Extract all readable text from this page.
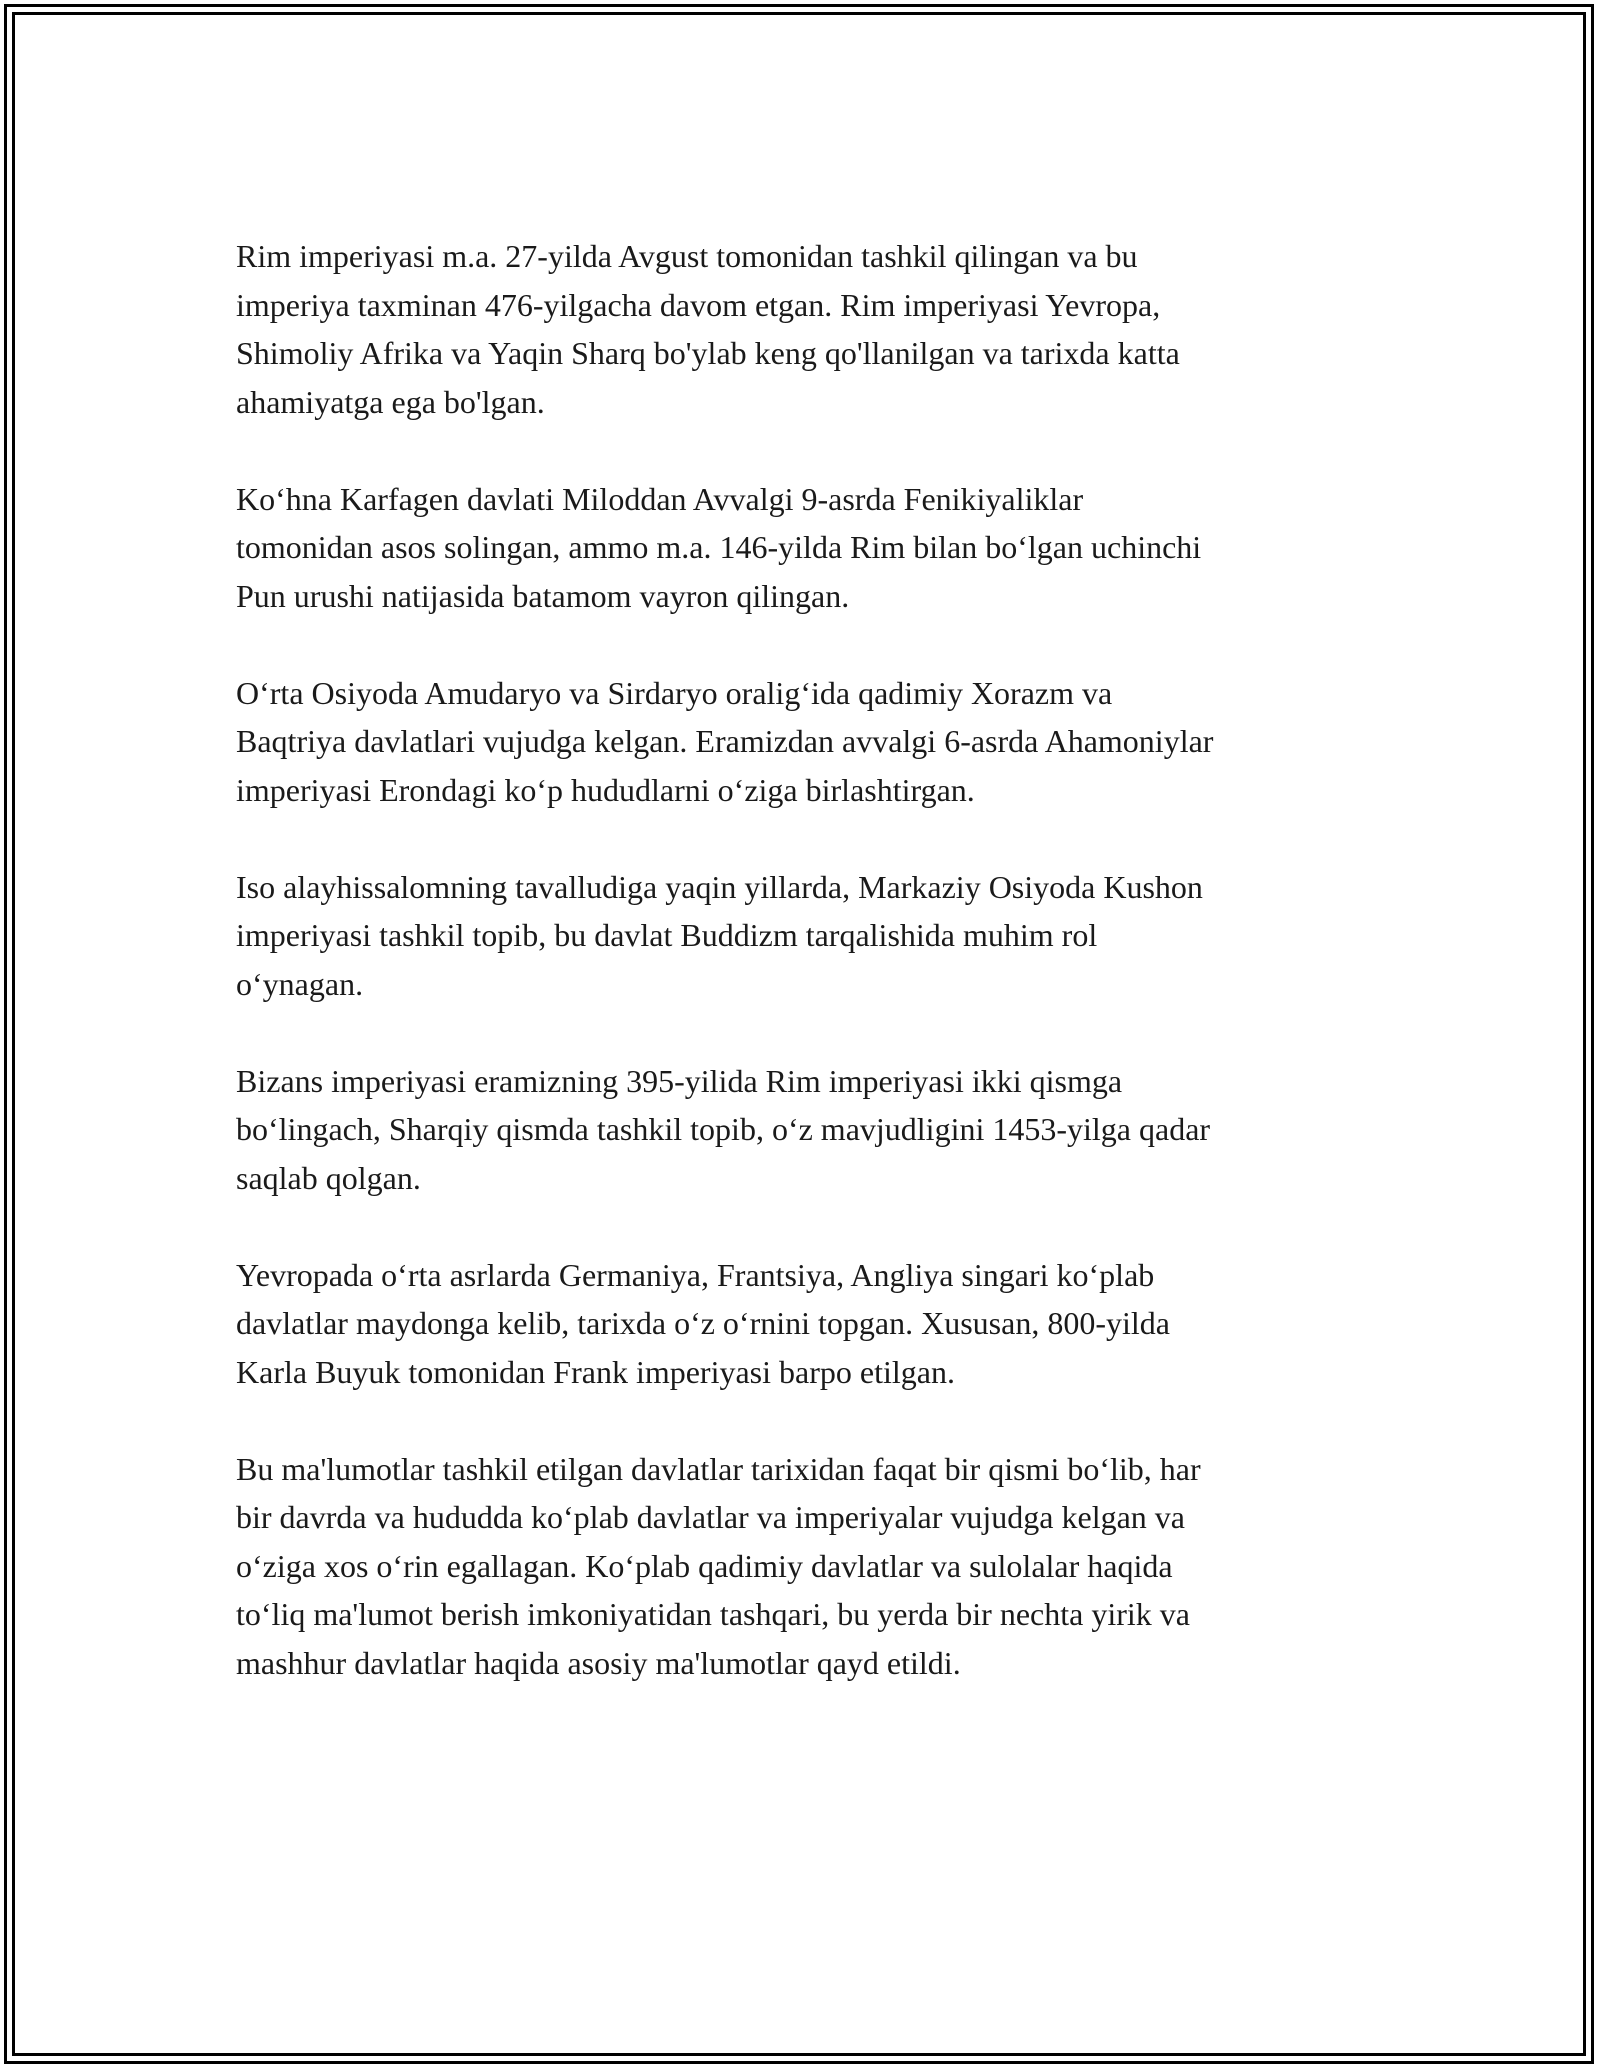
Rim imperiyasi m.a. 27-yilda Avgust tomonidan tashkil qilingan va bu
imperiya taxminan 476-yilgacha davom etgan. Rim imperiyasi Yevropa,
Shimoliy Afrika va Yaqin Sharq bo'ylab keng qo'llanilgan va tarixda katta
ahamiyatga ega bo'lgan.

Koʻhna Karfagen davlati Miloddan Avvalgi 9-asrda Fenikiyaliklar
tomonidan asos solingan, ammo m.a. 146-yilda Rim bilan boʻlgan uchinchi
Pun urushi natijasida batamom vayron qilingan.

Oʻrta Osiyoda Amudaryo va Sirdaryo oraligʻida qadimiy Xorazm va
Baqtriya davlatlari vujudga kelgan. Eramizdan avvalgi 6-asrda Ahamoniylar
imperiyasi Erondagi koʻp hududlarni oʻziga birlashtirgan.

Iso alayhissalomning tavalludiga yaqin yillarda, Markaziy Osiyoda Kushon
imperiyasi tashkil topib, bu davlat Buddizm tarqalishida muhim rol
oʻynagan.

Bizans imperiyasi eramizning 395-yilida Rim imperiyasi ikki qismga
boʻlingach, Sharqiy qismda tashkil topib, oʻz mavjudligini 1453-yilga qadar
saqlab qolgan.

Yevropada oʻrta asrlarda Germaniya, Frantsiya, Angliya singari koʻplab
davlatlar maydonga kelib, tarixda oʻz oʻrnini topgan. Xususan, 800-yilda
Karla Buyuk tomonidan Frank imperiyasi barpo etilgan.

Bu ma'lumotlar tashkil etilgan davlatlar tarixidan faqat bir qismi boʻlib, har
bir davrda va hududda koʻplab davlatlar va imperiyalar vujudga kelgan va
oʻziga xos oʻrin egallagan. Koʻplab qadimiy davlatlar va sulolalar haqida
toʻliq ma'lumot berish imkoniyatidan tashqari, bu yerda bir nechta yirik va
mashhur davlatlar haqida asosiy ma'lumotlar qayd etildi.
